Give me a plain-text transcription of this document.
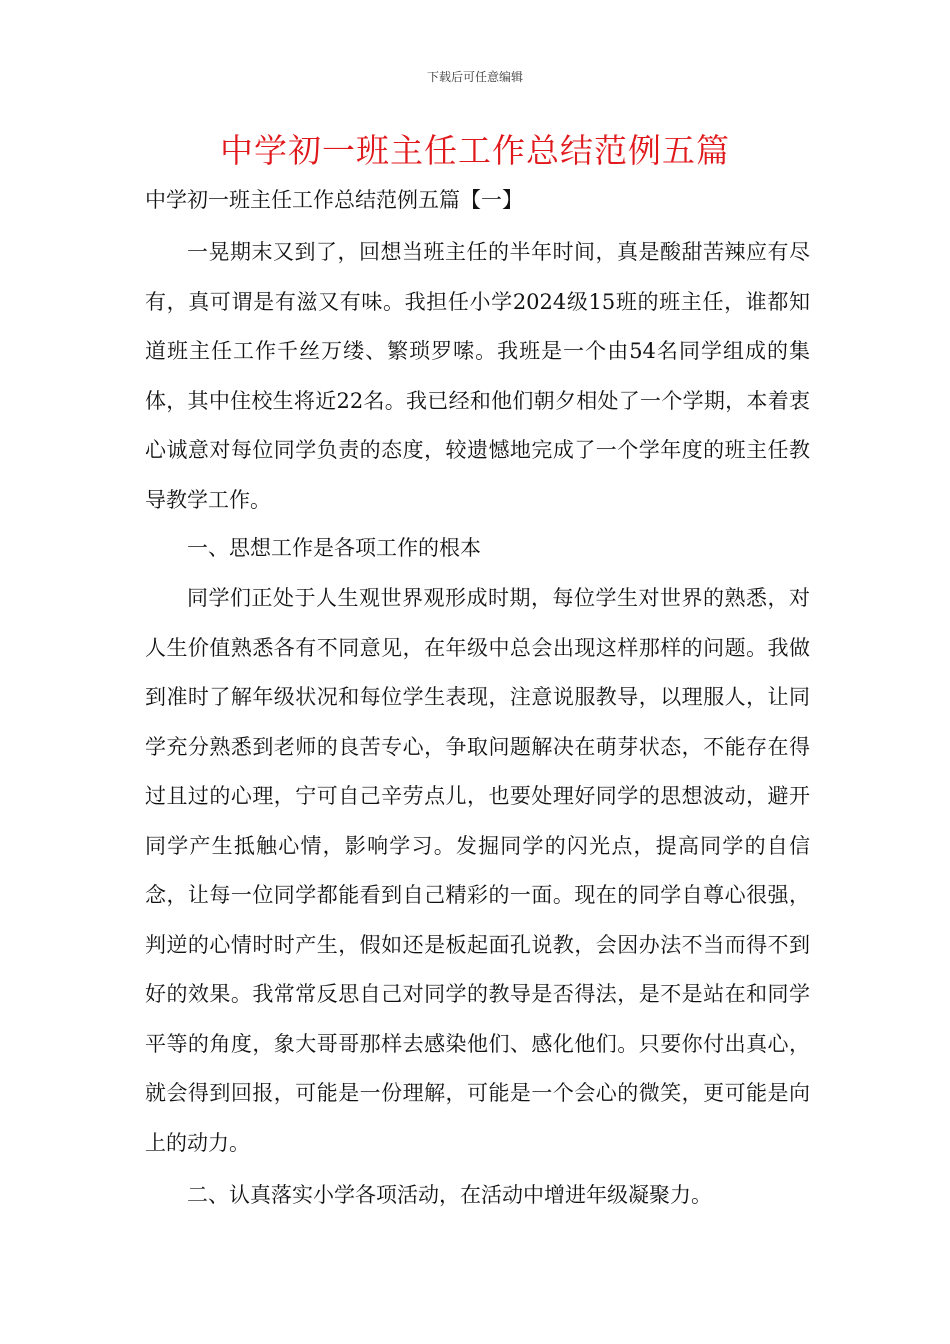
下载后可任意编辑
中学初一班主任工作总结范例五篇
中学初一班主任工作总结范例五篇【一】

一晃期末又到了，回想当班主任的半年时间，真是酸甜苦辣应有尽有，真可谓是有滋又有味。我担任小学2024级15班的班主任，谁都知道班主任工作千丝万缕、繁琐罗嗦。我班是一个由54名同学组成的集体，其中住校生将近22名。我已经和他们朝夕相处了一个学期，本着衷心诚意对每位同学负责的态度，较遗憾地完成了一个学年度的班主任教导教学工作。

一、思想工作是各项工作的根本

同学们正处于人生观世界观形成时期，每位学生对世界的熟悉，对人生价值熟悉各有不同意见，在年级中总会出现这样那样的问题。我做到准时了解年级状况和每位学生表现，注意说服教导，以理服人，让同学充分熟悉到老师的良苦专心，争取问题解决在萌芽状态，不能存在得过且过的心理，宁可自己辛劳点儿，也要处理好同学的思想波动，避开同学产生抵触心情，影响学习。发掘同学的闪光点，提高同学的自信念，让每一位同学都能看到自己精彩的一面。现在的同学自尊心很强，判逆的心情时时产生，假如还是板起面孔说教，会因办法不当而得不到好的效果。我常常反思自己对同学的教导是否得法，是不是站在和同学平等的角度，象大哥哥那样去感染他们、感化他们。只要你付出真心，就会得到回报，可能是一份理解，可能是一个会心的微笑，更可能是向上的动力。

二、认真落实小学各项活动，在活动中增进年级凝聚力。
